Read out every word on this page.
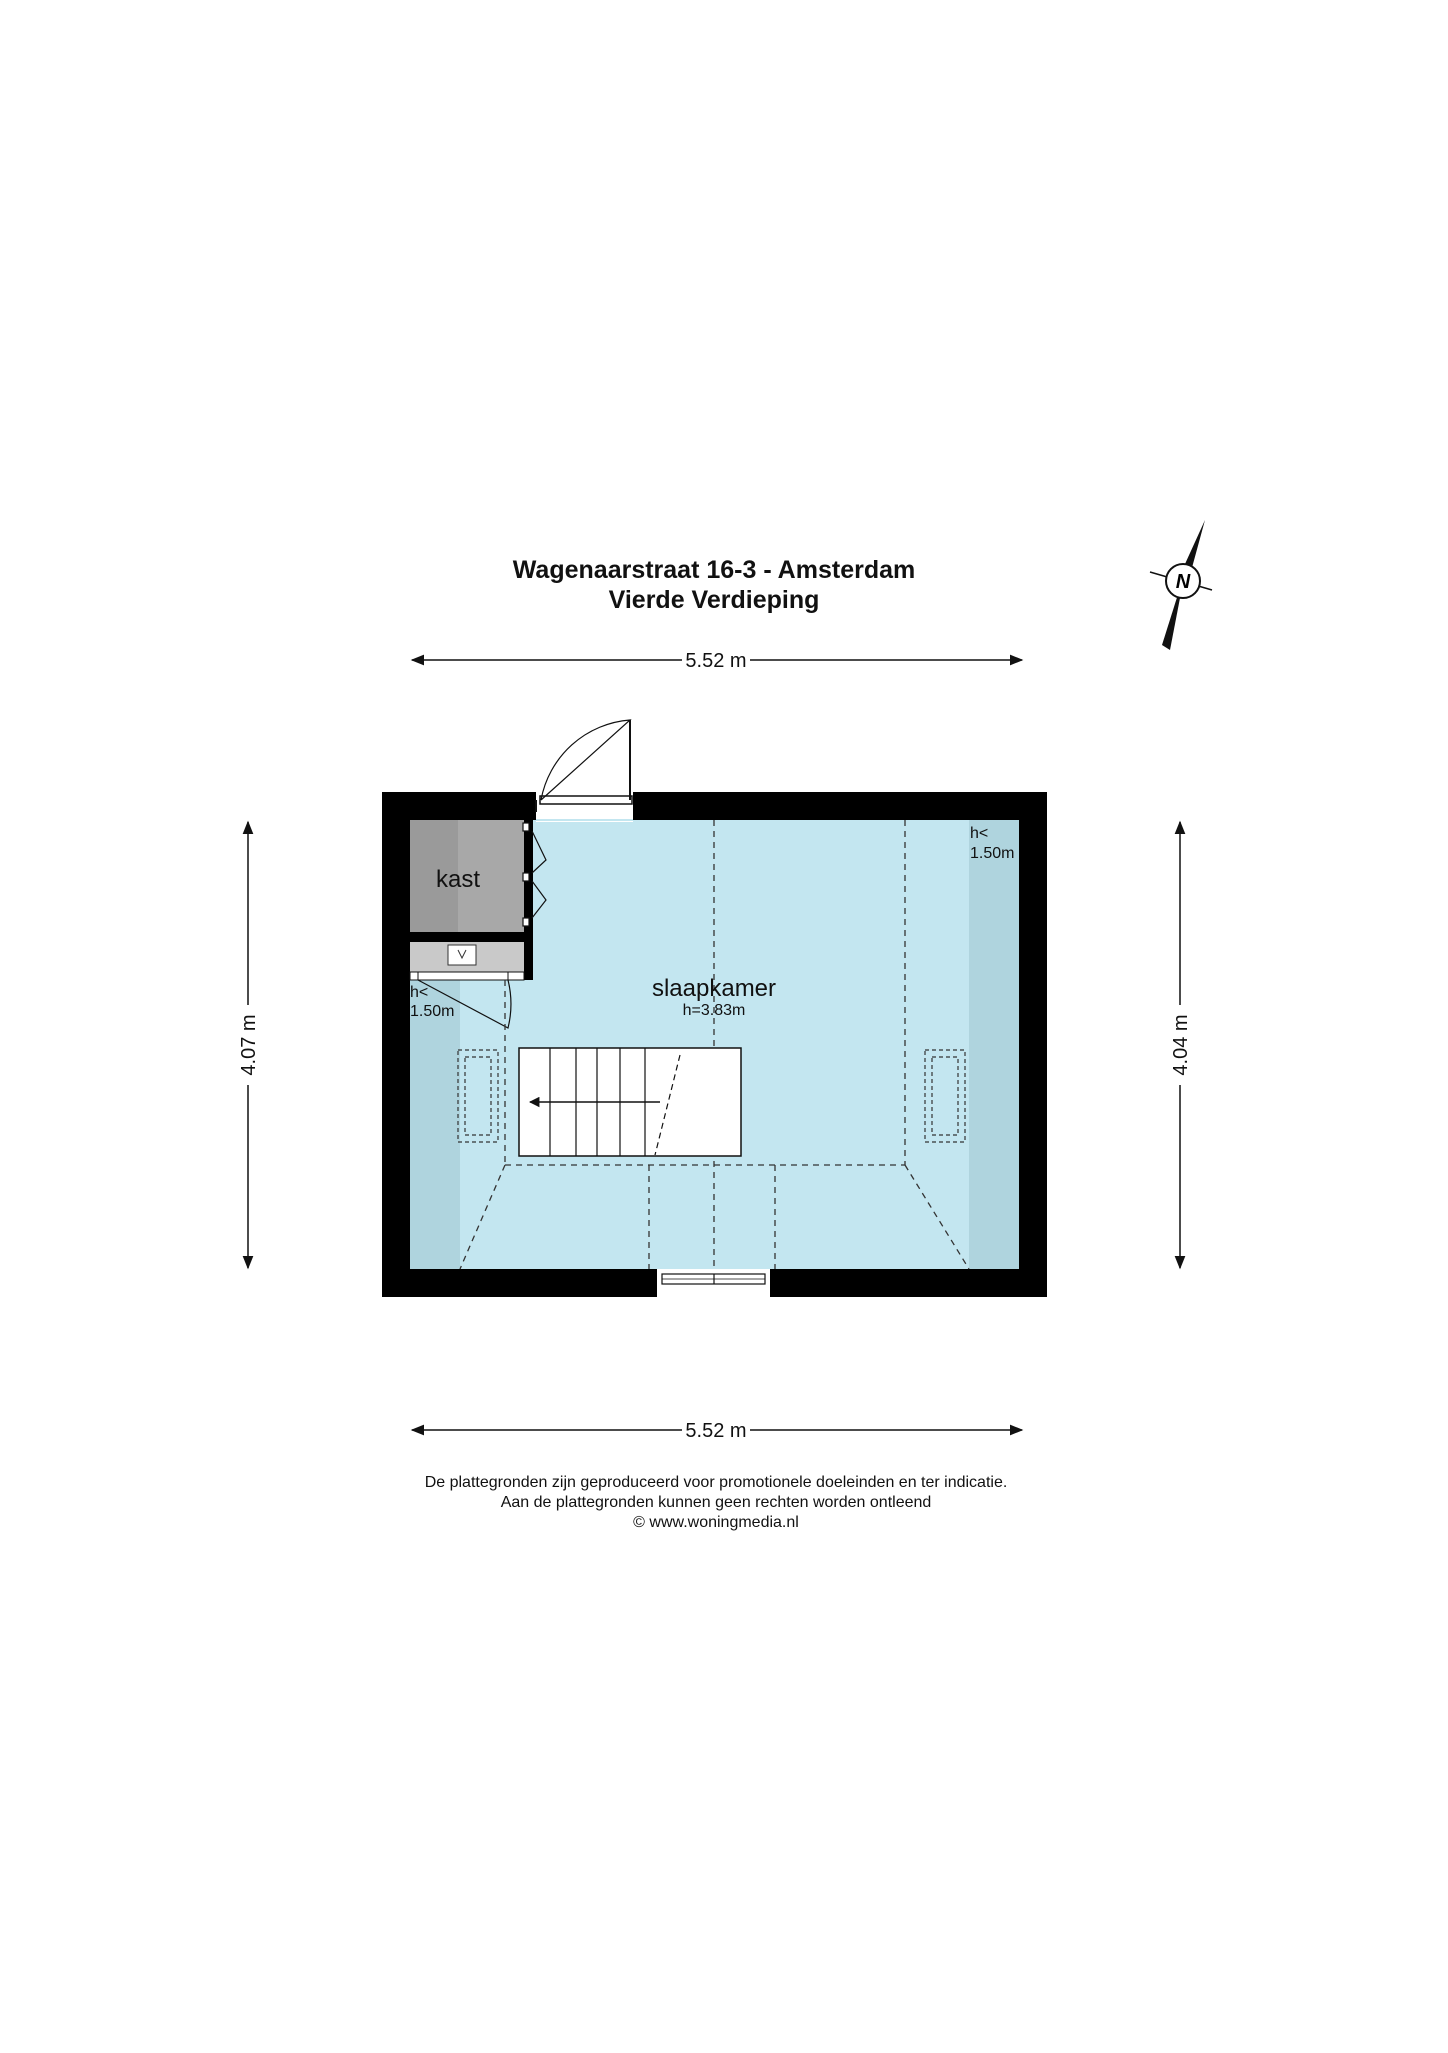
Wagenaarstraat 16-3 - Amsterdam
Vierde Verdieping
N
5.52 m
5.52 m
4.07 m	4.04 m
kast
slaapkamer
h=3.83m
h<
1.50m
h<
1.50m
De plattegronden zijn geproduceerd voor promotionele doeleinden en ter indicatie.
Aan de plattegronden kunnen geen rechten worden ontleend
© www.woningmedia.nl
